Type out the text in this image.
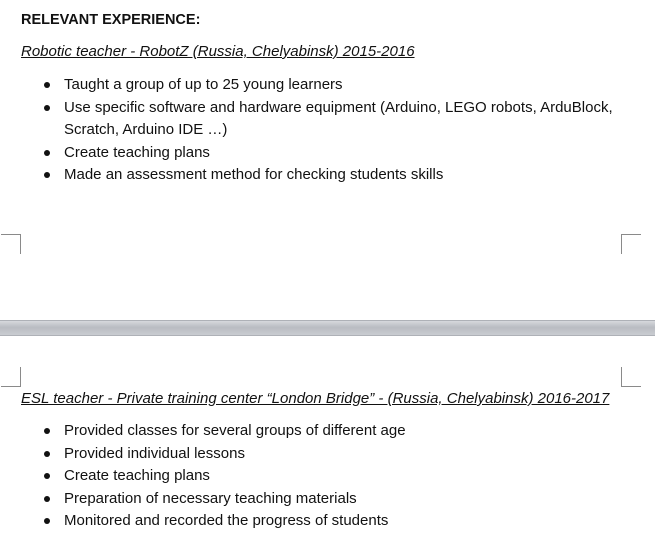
RELEVANT EXPERIENCE:

Robotic teacher - RobotZ (Russia, Chelyabinsk) 2015-2016

Taught a group of up to 25 young learners
Use specific software and hardware equipment (Arduino, LEGO robots, ArduBlock, Scratch, Arduino IDE …)
Create teaching plans
Made an assessment method for checking students skills

ESL teacher - Private training center “London Bridge” - (Russia, Chelyabinsk) 2016-2017

Provided classes for several groups of different age
Provided individual lessons
Create teaching plans
Preparation of necessary teaching materials
Monitored and recorded the progress of students
